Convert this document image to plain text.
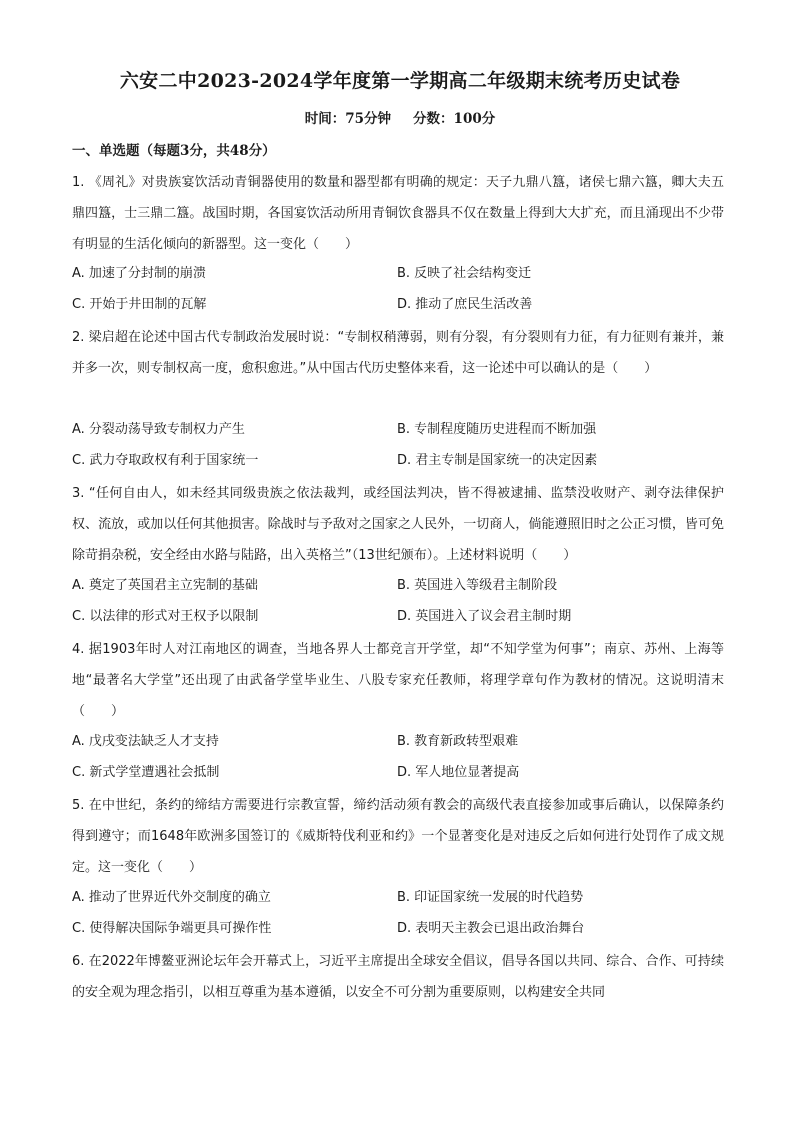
六安二中2023-2024学年度第一学期高二年级期末统考历史试卷
时间：75分钟 分数：100分
一、单选题（每题3分，共48分）
1. 《周礼》对贵族宴饮活动青铜器使用的数量和器型都有明确的规定：天子九鼎八簋，诸侯七鼎六簋，卿大夫五鼎四簋，士三鼎二簋。战国时期，各国宴饮活动所用青铜饮食器具不仅在数量上得到大大扩充，而且涌现出不少带有明显的生活化倾向的新器型。这一变化（　　）
A. 加速了分封制的崩溃	B. 反映了社会结构变迁
C. 开始于井田制的瓦解	D. 推动了庶民生活改善
2. 梁启超在论述中国古代专制政治发展时说：“专制权稍薄弱，则有分裂，有分裂则有力征，有力征则有兼并，兼并多一次，则专制权高一度，愈积愈进。”从中国古代历史整体来看，这一论述中可以确认的是（　　）
A. 分裂动荡导致专制权力产生	B. 专制程度随历史进程而不断加强
C. 武力夺取政权有利于国家统一	D. 君主专制是国家统一的决定因素
3. “任何自由人，如未经其同级贵族之依法裁判，或经国法判决，皆不得被逮捕、监禁没收财产、剥夺法律保护权、流放，或加以任何其他损害。除战时与予敌对之国家之人民外，一切商人，倘能遵照旧时之公正习惯，皆可免除苛捐杂税，安全经由水路与陆路，出入英格兰”（13世纪颁布）。上述材料说明（　　）
A. 奠定了英国君主立宪制的基础	B. 英国进入等级君主制阶段
C. 以法律的形式对王权予以限制	D. 英国进入了议会君主制时期
4. 据1903年时人对江南地区的调查，当地各界人士都竞言开学堂，却“不知学堂为何事”；南京、苏州、上海等地“最著名大学堂”还出现了由武备学堂毕业生、八股专家充任教师，将理学章句作为教材的情况。这说明清末（　　）
A. 戊戌变法缺乏人才支持	B. 教育新政转型艰难
C. 新式学堂遭遇社会抵制	D. 军人地位显著提高
5. 在中世纪，条约的缔结方需要进行宗教宣誓，缔约活动须有教会的高级代表直接参加或事后确认，以保障条约得到遵守；而1648年欧洲多国签订的《威斯特伐利亚和约》一个显著变化是对违反之后如何进行处罚作了成文规定。这一变化（　　）
A. 推动了世界近代外交制度的确立	B. 印证国家统一发展的时代趋势
C. 使得解决国际争端更具可操作性	D. 表明天主教会已退出政治舞台
6. 在2022年博鳌亚洲论坛年会开幕式上，习近平主席提出全球安全倡议，倡导各国以共同、综合、合作、可持续的安全观为理念指引，以相互尊重为基本遵循，以安全不可分割为重要原则，以构建安全共同
